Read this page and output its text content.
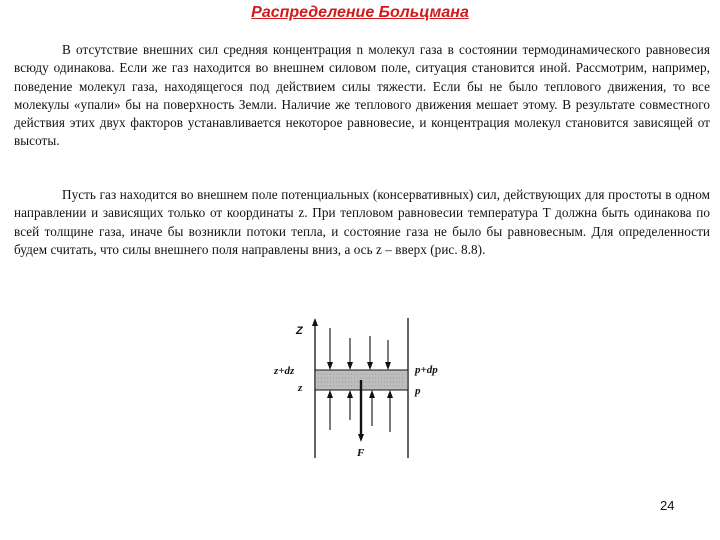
Распределение Больцмана

В отсутствие внешних сил средняя концентрация n молекул газа в состоянии термодинамического равновесия всюду одинакова. Если же газ находится во внешнем силовом поле, ситуация становится иной. Рассмотрим, например, поведение молекул газа, находящегося под действием силы тяжести. Если бы не было теплового движения, то все молекулы «упали» бы на поверхность Земли. Наличие же теплового движения мешает этому. В результате совместного действия этих двух факторов устанавливается некоторое равновесие, и концентрация молекул становится зависящей от высоты.

Пусть газ находится во внешнем поле потенциальных (консервативных) сил, действующих для простоты в одном направлении и зависящих только от координаты z. При тепловом равновесии температура T должна быть одинакова по всей толщине газа, иначе бы возникли потоки тепла, и состояние газа не было бы равновесным. Для определенности будем считать, что силы внешнего поля направлены вниз, а ось z – вверх (рис. 8.8).

Z
F
z+dz
z
p+dp
p
24
